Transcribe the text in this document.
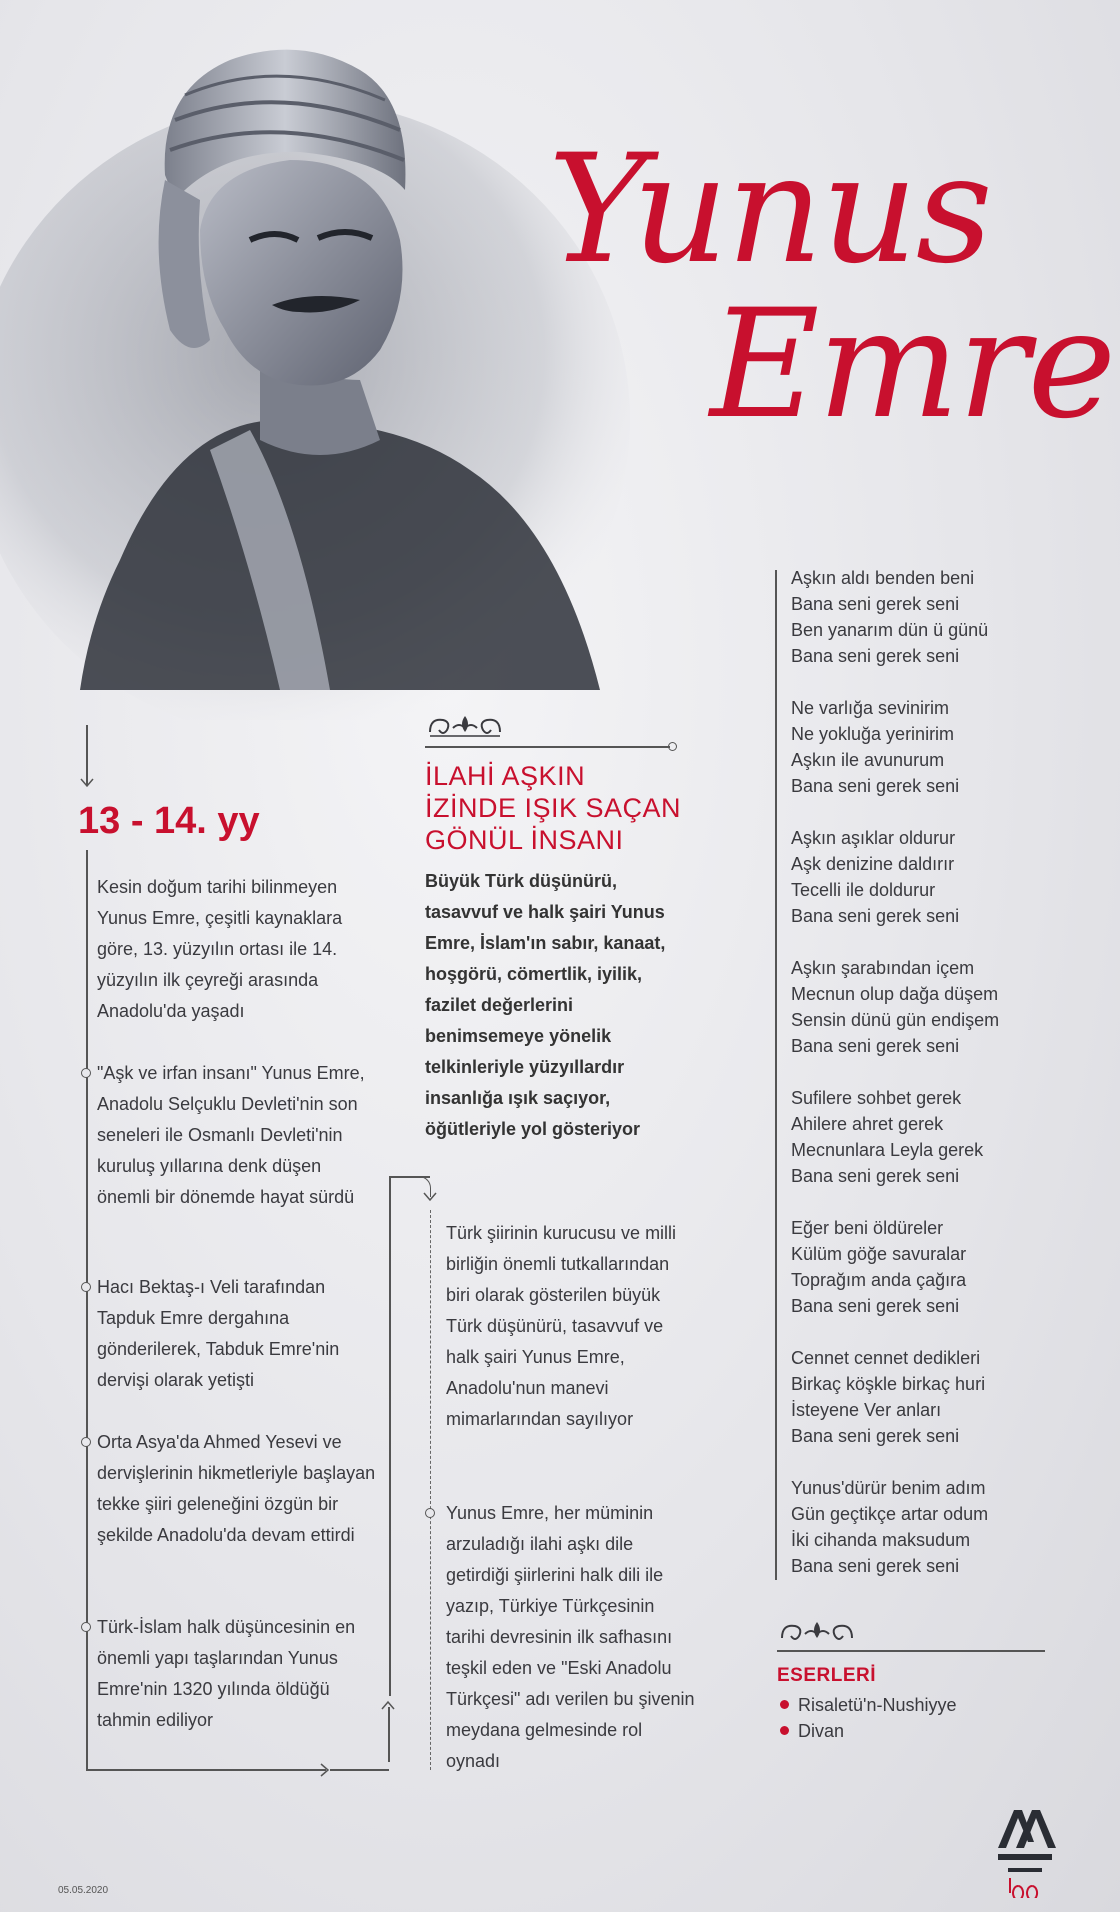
Yunus
Emre
13 - 14. yy
Kesin doğum tarihi bilinmeyen Yunus Emre, çeşitli kaynaklara göre, 13. yüzyılın ortası ile 14. yüzyılın ilk çeyreği arasında Anadolu'da yaşadı
"Aşk ve irfan insanı" Yunus Emre, Anadolu Selçuklu Devleti'nin son seneleri ile Osmanlı Devleti'nin kuruluş yıllarına denk düşen önemli bir dönemde hayat sürdü
Hacı Bektaş-ı Veli tarafından Tapduk Emre dergahına gönderilerek, Tabduk Emre'nin dervişi olarak yetişti
Orta Asya'da Ahmed Yesevi ve dervişlerinin hikmetleriyle başlayan tekke şiiri geleneğini özgün bir şekilde Anadolu'da devam ettirdi
Türk-İslam halk düşüncesinin en önemli yapı taşlarından Yunus Emre'nin 1320 yılında öldüğü tahmin ediliyor
İLAHİ AŞKIN
İZİNDE IŞIK SAÇAN
GÖNÜL İNSANI
Büyük Türk düşünürü, tasavvuf ve halk şairi Yunus Emre, İslam'ın sabır, kanaat, hoşgörü, cömertlik, iyilik, fazilet değerlerini benimsemeye yönelik telkinleriyle yüzyıllardır insanlığa ışık saçıyor, öğütleriyle yol gösteriyor
Türk şiirinin kurucusu ve milli birliğin önemli tutkallarından biri olarak gösterilen büyük Türk düşünürü, tasavvuf ve halk şairi Yunus Emre, Anadolu'nun manevi mimarlarından sayılıyor
Yunus Emre, her müminin arzuladığı ilahi aşkı dile getirdiği şiirlerini halk dili ile yazıp, Türkiye Türkçesinin tarihi devresinin ilk safhasını teşkil eden ve "Eski Anadolu Türkçesi" adı verilen bu şivenin meydana gelmesinde rol oynadı
Aşkın aldı benden beni
Bana seni gerek seni
Ben yanarım dün ü günü
Bana seni gerek seni
Ne varlığa sevinirim
Ne yokluğa yerinirim
Aşkın ile avunurum
Bana seni gerek seni
Aşkın aşıklar oldurur
Aşk denizine daldırır
Tecelli ile doldurur
Bana seni gerek seni
Aşkın şarabından içem
Mecnun olup dağa düşem
Sensin dünü gün endişem
Bana seni gerek seni
Sufilere sohbet gerek
Ahilere ahret gerek
Mecnunlara Leyla gerek
Bana seni gerek seni
Eğer beni öldüreler
Külüm göğe savuralar
Toprağım anda çağıra
Bana seni gerek seni
Cennet cennet dedikleri
Birkaç köşkle birkaç huri
İsteyene Ver anları
Bana seni gerek seni
Yunus'dürür benim adım
Gün geçtikçe artar odum
İki cihanda maksudum
Bana seni gerek seni
ESERLERİ
Risaletü'n-Nushiyye
Divan
05.05.2020
